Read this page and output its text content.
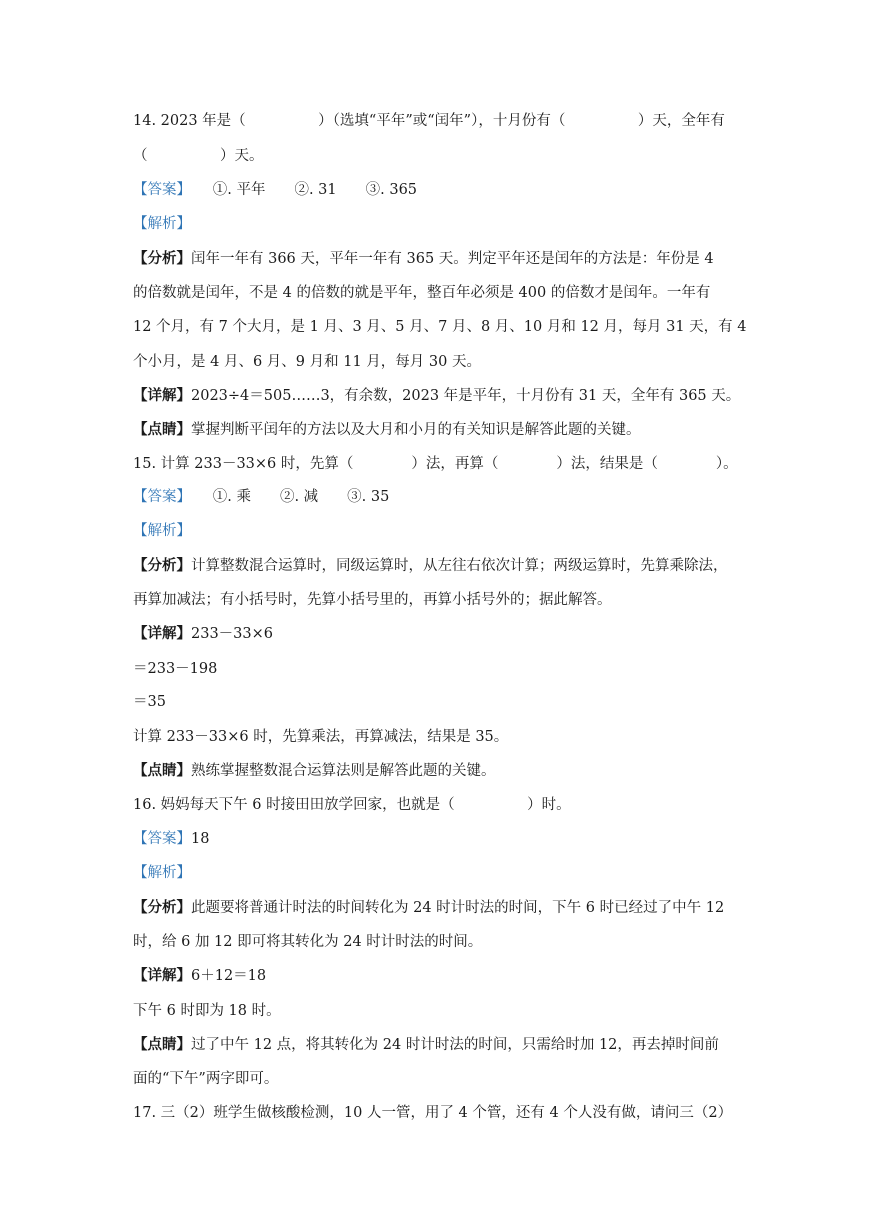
14. 2023 年是（　　　　　）（选填“平年”或“闰年”），十月份有（　　　　　）天，全年有
（　　　　　）天。
【答案】　　①. 平年　　②. 31　　③. 365
【解析】
【分析】闰年一年有 366 天，平年一年有 365 天。判定平年还是闰年的方法是：年份是 4
的倍数就是闰年，不是 4 的倍数的就是平年，整百年必须是 400 的倍数才是闰年。一年有
12 个月，有 7 个大月，是 1 月、3 月、5 月、7 月、8 月、10 月和 12 月，每月 31 天，有 4
个小月，是 4 月、6 月、9 月和 11 月，每月 30 天。
【详解】2023÷4＝505……3，有余数，2023 年是平年，十月份有 31 天，全年有 365 天。
【点睛】掌握判断平闰年的方法以及大月和小月的有关知识是解答此题的关键。
15. 计算 233－33×6 时，先算（　　　　）法，再算（　　　　）法，结果是（　　　　）。
【答案】　　①. 乘　　②. 减　　③. 35
【解析】
【分析】计算整数混合运算时，同级运算时，从左往右依次计算；两级运算时，先算乘除法，
再算加减法；有小括号时，先算小括号里的，再算小括号外的；据此解答。
【详解】233－33×6
＝233－198
＝35
计算 233－33×6 时，先算乘法，再算减法，结果是 35。
【点睛】熟练掌握整数混合运算法则是解答此题的关键。
16. 妈妈每天下午 6 时接田田放学回家，也就是（　　　　　）时。
【答案】18
【解析】
【分析】此题要将普通计时法的时间转化为 24 时计时法的时间，下午 6 时已经过了中午 12
时，给 6 加 12 即可将其转化为 24 时计时法的时间。
【详解】6＋12＝18
下午 6 时即为 18 时。
【点睛】过了中午 12 点，将其转化为 24 时计时法的时间，只需给时加 12，再去掉时间前
面的“下午”两字即可。
17. 三（2）班学生做核酸检测，10 人一管，用了 4 个管，还有 4 个人没有做，请问三（2）
